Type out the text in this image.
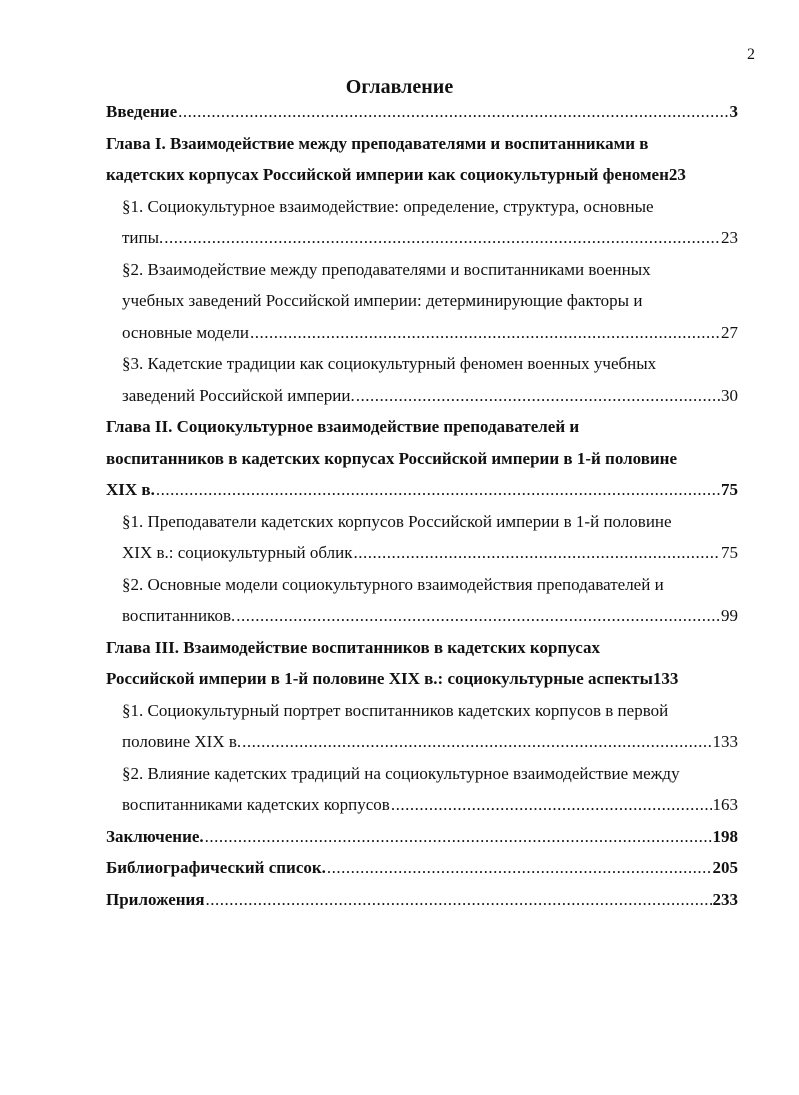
2
Оглавление
Введение .....	3
Глава I. Взаимодействие между преподавателями и воспитанниками в
кадетских корпусах Российской империи как социокультурный феномен 23
§1. Социокультурное взаимодействие: определение, структура, основные
типы. .....	23
§2. Взаимодействие между преподавателями и воспитанниками военных
учебных заведений Российской империи: детерминирующие факторы и
основные модели .....	27
§3. Кадетские традиции как социокультурный феномен военных учебных
заведений Российской империи. .....	30
Глава II. Социокультурное взаимодействие преподавателей и
воспитанников в кадетских корпусах Российской империи в 1-й половине
XIX в. .....	75
§1. Преподаватели кадетских корпусов Российской империи в 1-й половине
XIX в.: социокультурный облик .....	75
§2. Основные модели социокультурного взаимодействия преподавателей и
воспитанников. .....	99
Глава III. Взаимодействие воспитанников в кадетских корпусах
Российской империи в 1-й половине XIX в.: социокультурные аспекты 133
§1. Социокультурный портрет воспитанников кадетских корпусов в первой
половине XIX в. .....	133
§2. Влияние кадетских традиций на социокультурное взаимодействие между
воспитанниками кадетских корпусов .....	163
Заключение. .....	198
Библиографический список. .....	205
Приложения .....	233
